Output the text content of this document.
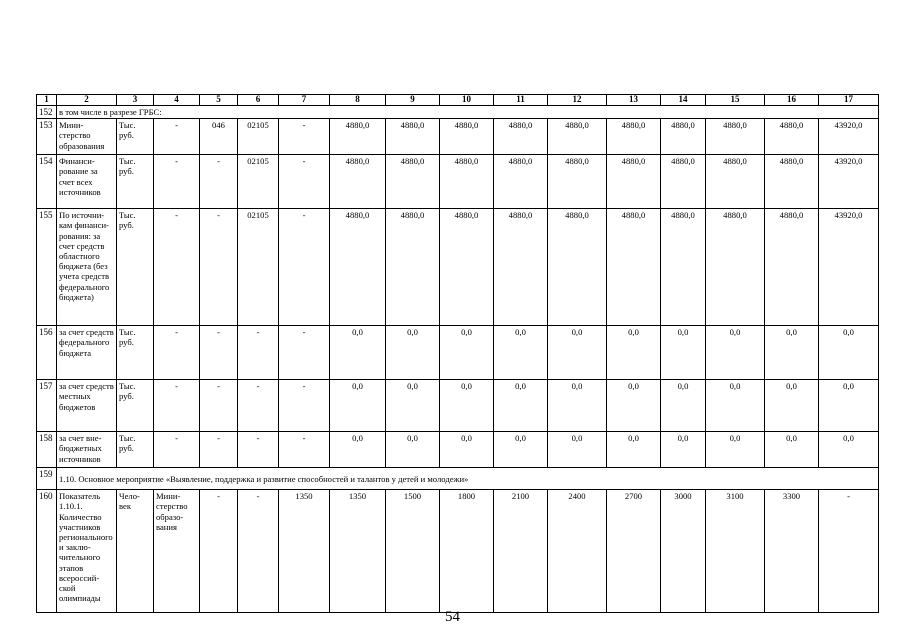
1	2	3	4	5	6	7	8	9	10	11	12	13	14	15	16	17
152	в том числе в разрезе ГРБС:															
153	Мини-стерство образования	Тыс. руб.	-	046	02105	-	4880,0	4880,0	4880,0	4880,0	4880,0	4880,0	4880,0	4880,0	4880,0	43920,0
154	Финанси-рование за счет всех источников	Тыс. руб.	-	-	02105	-	4880,0	4880,0	4880,0	4880,0	4880,0	4880,0	4880,0	4880,0	4880,0	43920,0
155	По источни-кам финанси-рования: за счет средств областного бюджета (без учета средств федерального бюджета)	Тыс. руб.	-	-	02105	-	4880,0	4880,0	4880,0	4880,0	4880,0	4880,0	4880,0	4880,0	4880,0	43920,0
156	за счет средств федерального бюджета	Тыс. руб.	-	-	-	-	0,0	0,0	0,0	0,0	0,0	0,0	0,0	0,0	0,0	0,0
157	за счет средств местных бюджетов	Тыс. руб.	-	-	-	-	0,0	0,0	0,0	0,0	0,0	0,0	0,0	0,0	0,0	0,0
158	за счет вне-бюджетных источников	Тыс. руб.	-	-	-	-	0,0	0,0	0,0	0,0	0,0	0,0	0,0	0,0	0,0	0,0
159	1.10. Основное мероприятие «Выявление, поддержка и развитие способностей и талантов у детей и молодежи»															
160	Показатель 1.10.1. Количество участников регионального и заклю-чительного этапов всероссий-ской олимпиады	Чело-век	Мини-стерство образо-вания	-	-	1350	1350	1500	1800	2100	2400	2700	3000	3100	3300	-
54
